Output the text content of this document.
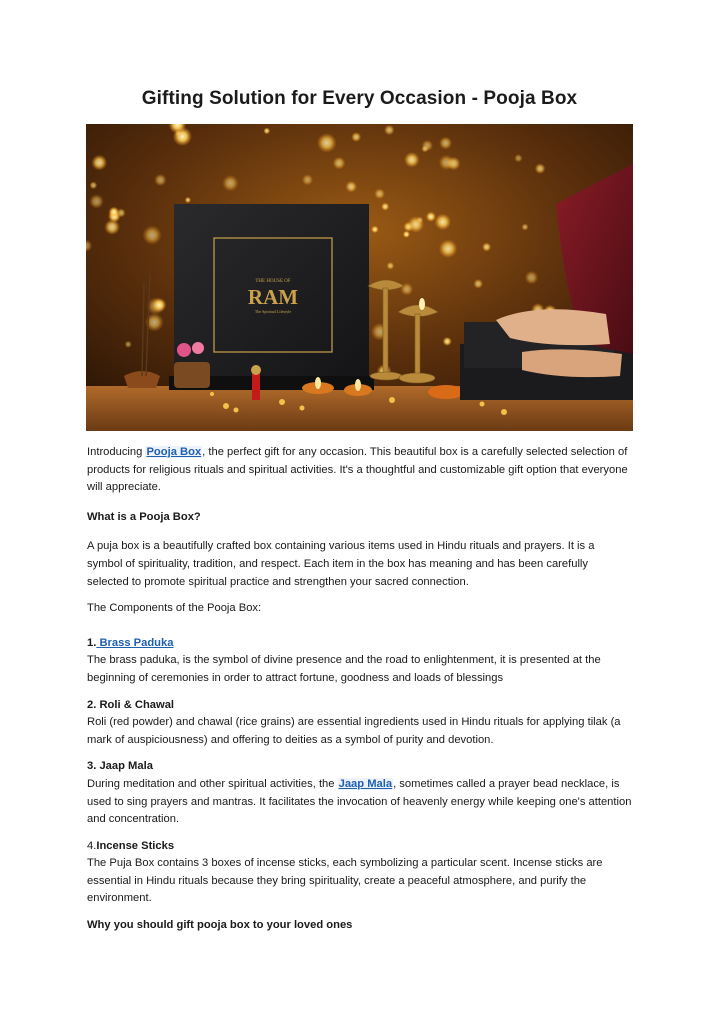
Gifting Solution for Every Occasion - Pooja Box
THE HOUSE OF
RAM
The Spiritual Lifestyle

Introducing Pooja Box, the perfect gift for any occasion. This beautiful box is a carefully selected selection of products for religious rituals and spiritual activities. It's a thoughtful and customizable gift option that everyone will appreciate.

What is a Pooja Box?

A puja box is a beautifully crafted box containing various items used in Hindu rituals and prayers. It is a symbol of spirituality, tradition, and respect. Each item in the box has meaning and has been carefully selected to promote spiritual practice and strengthen your sacred connection.

The Components of the Pooja Box:

1. Brass Paduka

The brass paduka, is the symbol of divine presence and the road to enlightenment, it is presented at the beginning of ceremonies in order to attract fortune, goodness and loads of blessings

2. Roli & Chawal

Roli (red powder) and chawal (rice grains) are essential ingredients used in Hindu rituals for applying tilak (a mark of auspiciousness) and offering to deities as a symbol of purity and devotion.

3. Jaap Mala

During meditation and other spiritual activities, the Jaap Mala, sometimes called a prayer bead necklace, is used to sing prayers and mantras. It facilitates the invocation of heavenly energy while keeping one's attention and concentration.

4.Incense Sticks

The Puja Box contains 3 boxes of incense sticks, each symbolizing a particular scent. Incense sticks are essential in Hindu rituals because they bring spirituality, create a peaceful atmosphere, and purify the environment.

Why you should gift pooja box to your loved ones
